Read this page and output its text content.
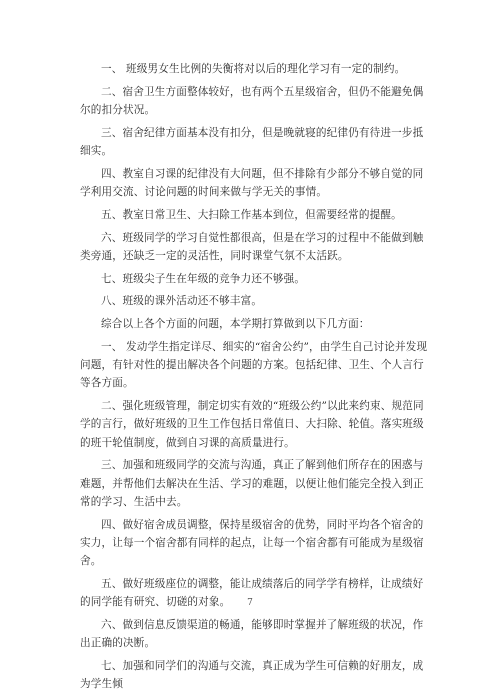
一、 班级男女生比例的失衡将对以后的理化学习有一定的制约。

二、宿舍卫生方面整体较好，也有两个五星级宿舍，但仍不能避免偶尔的扣分状况。

三、宿舍纪律方面基本没有扣分，但是晚就寝的纪律仍有待进一步抵细实。

四、教室自习课的纪律没有大问题，但不排除有少部分不够自觉的同学利用交流、讨论问题的时间来做与学无关的事情。

五、教室日常卫生、大扫除工作基本到位，但需要经常的提醒。

六、班级同学的学习自觉性都很高，但是在学习的过程中不能做到触类旁通，还缺乏一定的灵活性，同时课堂气氛不太活跃。

七、班级尖子生在年级的竞争力还不够强。

八、班级的课外活动还不够丰富。

综合以上各个方面的问题，本学期打算做到以下几方面：

一、 发动学生指定详尽、细实的“宿舍公约”，由学生自己讨论并发现问题，有针对性的提出解决各个问题的方案。包括纪律、卫生、个人言行等各方面。

二、强化班级管理，制定切实有效的“班级公约”以此来约束、规范同学的言行，做好班级的卫生工作包括日常值日、大扫除、轮值。落实班级的班干轮值制度，做到自习课的高质量进行。

三、加强和班级同学的交流与沟通，真正了解到他们所存在的困惑与难题，并帮他们去解决在生活、学习的难题，以便让他们能完全投入到正常的学习、生活中去。

四、做好宿舍成员调整，保持星级宿舍的优势，同时平均各个宿舍的实力，让每一个宿舍都有同样的起点，让每一个宿舍都有可能成为星级宿舍。

五、做好班级座位的调整，能让成绩落后的同学学有榜样，让成绩好的同学能有研究、切磋的对象。

六、做到信息反馈渠道的畅通，能够即时掌握并了解班级的状况，作出正确的决断。

七、加强和同学们的沟通与交流，真正成为学生可信赖的好朋友，成为学生倾

7
